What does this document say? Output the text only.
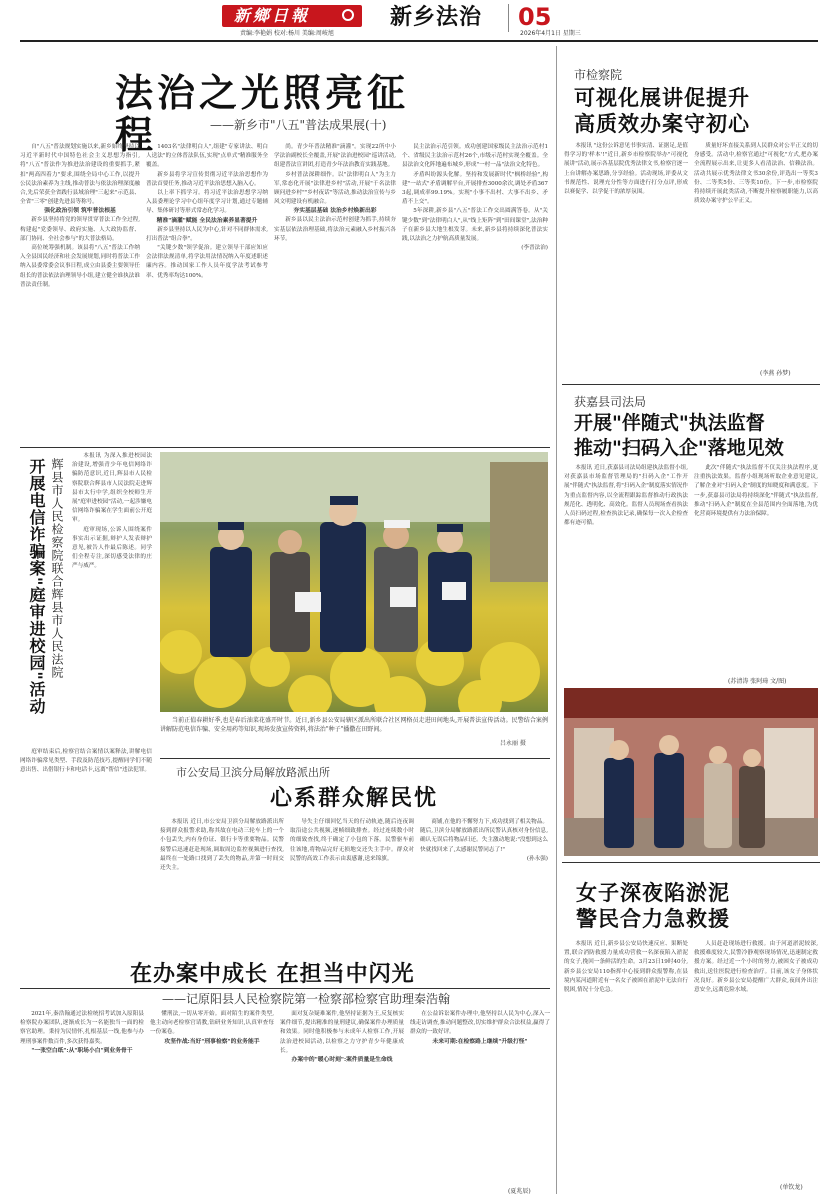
新鄉日報	新乡法治 05
责编:李艳娟 校对:杨川 美编:周岐旭	2026年4月1日 星期三
法治之光照亮征程	——新乡市"八五"普法成果展(十)

自"八五"普法规划实施以来,新乡始终坚持以习近平新时代中国特色社会主义思想为指引,将"八五"普法作为推进法治建设的重要抓手,紧扣"两高四着力"要求,围绕全局中心工作,以提升公民法治素养为主线,推动普法与依法治理深度融合,先后荣获全省践行县域治理"三起来"示范县、全省"三零"创建先进县等称号。

强化政治引领 筑牢普法根基

新乡县坚持将党的领导贯穿普法工作全过程,构建起"党委领导、政府实施、人大政协监督、部门协同、全社会参与"的大普法格局。

高位统筹强机制。该县将"八五"普法工作纳入全县国民经济和社会发展规划,同时将普法工作纳入县委常委会议事日程,成立由县委主要领导任组长的普法依法治理领导小组,建立健全谁执法谁普法责任制。

1403名"法律明白人",组建"专家讲法、明白人送法"的立体普法队伍,实现"点单式"精准服务全覆盖。

新乡县将学习宣传贯彻习近平法治思想作为普法首要任务,推动习近平法治思想入脑入心。

以上率下抓学习。将习近平法治思想学习纳入县委理论学习中心组年度学习计划,通过专题辅导、集体研讨等形式常态化学习。

精准"滴灌"赋能 全民法治素养显著提升

新乡县坚持以人民为中心,针对不同群体需求,打出普法"组合拳"。

"关键少数"领学促治。建立领导干部应知应会法律法规清单,将学法用法情况纳入年度述职述廉内容。推动国家工作人员年度学法考试参考率、优秀率均达100%。

尚。青少年普法精准"滴灌"。实现22所中小学法治副校长全覆盖,开展"法治进校园"巡讲活动,组建普法宣讲团,打造青少年法治教育实践基地。

乡村普法深耕细作。以"法律明白人"为主力军,常态化开展"法律进乡村"活动,开展"千名法律顾问进乡村""乡村夜话"等活动,推动法治宣传与乡风文明建设有机融合。

夯实基层基础 法治乡村焕新出彩

新乡县以民主法治示范村创建为抓手,持续夯实基层依法治理基础,将法治元素融入乡村振兴各环节。

民主法治示范引领。成功创建国家级民主法治示范村1个、省级民主法治示范村26个,市级示范村实现全覆盖。全县法治文化阵地遍布城乡,形成"一村一品"法治文化特色。

矛盾纠纷源头化解。坚持和发展新时代"枫桥经验",构建"一站式"矛盾调解平台,开展排查3000余次,调处矛盾3673起,调成率99.19%。实现"小事不出村、大事不出乡、矛盾不上交"。

5年深耕,新乡县"八五"普法工作交出圆满答卷。从"关键少数"到"法律明白人",从"线上矩阵"到"田间课堂",法治种子在新乡县大地生根发芽。未来,新乡县将持续深化普法实践,以法治之力护航高质量发展。

(李晋法治)

开展电信诈骗案"庭审进校园"活动 辉县市人民检察院联合辉县市人民法院

本报讯 为深入推进校园法治建设,增强青少年电信网络诈骗防范意识,近日,辉县市人民检察院联合辉县市人民法院走进辉县市太行中学,组织全校师生开展"庭审进校园"活动,一起涉嫌电信网络诈骗案在学生面前公开庭审。

庭审现场,公诉人围绕案件事实出示证据,辩护人发表辩护意见,被告人作最后陈述。同学们全程专注,深切感受法律的庄严与威严。

庭审结束后,检察官结合案情以案释法,讲解电信网络诈骗常见类型、手段及防范技巧,提醒同学们不随意出售、出借银行卡和电话卡,远离"帮信"违法犯罪。

当前正值春耕好季,也是春后油菜花盛开时节。近日,新乡县公安局辖区派出所联合社区网格员走进田间地头,开展普法宣传活动。民警结合案例讲解防范电信诈骗、安全用药等知识,现场发放宣传资料,将法治"种子"播撒在田野间。

吕永丽 摄
市公安局卫滨分局解放路派出所
心系群众解民忧

本报讯 近日,市公安局卫滨分局解放路派出所接到群众报警求助,称其故在电动三轮车上的一个小包丢失,内有身份证、银行卡等重要物品。民警接警后迅速赶赴现场,调取周边监控视频进行查找,最终在一处路口找到了丢失的物品,并第一时间交还失主。

导失主仔细回忆当天的行动轨迹,随后连夜调取沿途公共视频,逐帧细致排查。经过连续数小时的细致查找,终于确定了小包的下落。民警驱车前往该地,将物品完好无损地交还失主手中。群众对民警的高效工作表示由衷感谢,送来锦旗。

商铺,在他的不懈努力下,成功找到了相关物品。随后,卫滨分局解放路派出所民警认真核对身份信息,确认无误后将物品归还。失主激动地说:"没想到这么快就找回来了,太感谢民警同志了!"

(孙永强)

市检察院
可视化展讲促提升
高质效办案守初心

本报讯 "这份公诉意见书事实清、证据足,是值得学习的'样本'!"近日,新乡市检察院举办"可视化展讲"活动,展示各基层院优秀法律文书,检察官逐一上台讲解办案思路,分享经验。活动现场,评委从文书规范性、说理充分性等方面进行打分点评,形成以赛促学、以学促干的浓厚氛围。

质量好坏直接关系到人民群众对公平正义的切身感受。活动中,检察官通过"可视化"方式,把办案全流程展示出来,让更多人看清法治、信赖法治。活动共展示优秀法律文书30余份,评选出一等奖3份、二等奖5份、三等奖10份。下一步,市检察院将持续开展此类活动,不断提升检察履职能力,以高质效办案守护公平正义。

(李燕 孙梦)
获嘉县司法局
开展"伴随式"执法监督
推动"扫码入企"落地见效

本报讯 近日,获嘉县司法局组建执法监督小组,对获嘉县市场监督管理局的"扫码入企"工作开展"伴随式"执法监督,将"扫码入企"制度落实情况作为重点监督内容,以全流程跟踪监督推动行政执法规范化、透明化、高效化。监督人员现场查看执法人员扫码过程,检查执法记录,确保每一次入企检查都有迹可循。

此次"伴随式"执法监督不仅关注执法程序,更注重执法效果。监督小组现场听取企业意见建议,了解企业对"扫码入企"制度的知晓度和满意度。下一步,获嘉县司法局将持续深化"伴随式"执法监督,推动"扫码入企"制度在全县范围内全面落地,为优化营商环境提供有力法治保障。

(苏清涛 张阿琦 文/图)
女子深夜陷淤泥
警民合力急救援

本报讯 近日,新乡县公安局快速反应、果断处置,联合消防救援力量成功营救一名深夜陷入淤泥的女子,挽回一条鲜活的生命。3月23日19时40分,新乡县公安局110指挥中心接到群众报警称,在县境内某河道附近有一名女子被困在淤泥中无法自行脱困,情况十分危急。

人员赶赴现场进行救援。由于河道淤泥较深,救援难度较大,民警冷静观察现场情况,迅速制定救援方案。经过近一个小时的努力,被困女子被成功救出,送往医院进行检查治疗。目前,该女子身体状况良好。新乡县公安局提醒广大群众,夜间外出注意安全,远离危险水域。

(单钦龙)
在办案中成长 在担当中闪光
——记原阳县人民检察院第一检察部检察官助理秦浩翰

2021年,秦浩翰通过法检统招考试加入原阳县检察院办案团队,逐渐成长为一名能独当一面的检察官助理。秉持为民情怀,扎根基层一线,他参与办理刑事案件数百件,多次获得嘉奖。

"一张空白纸":从"职场小白"到业务骨干

懂刑法,一切从零开始。面对陌生的案件类型,他主动向老检察官请教,钻研业务知识,认真审查每一份案卷。

攻坚作战:当好"刑事检察"的业务能手

面对复杂疑难案件,他坚持证据为王,反复核实案件细节,提出精准的量刑建议,确保案件办理质量和效果。同时他积极参与未成年人检察工作,开展法治进校园活动,以检察之力守护青少年健康成长。

办案中的"暖心时刻":案件质量是生命线

在公益诉讼案件办理中,他坚持以人民为中心,深入一线走访调查,推动问题整改,切实维护群众合法权益,赢得了群众的一致好评。

未来可期:在检察路上继续"升级打怪"

(夏兆辰)
